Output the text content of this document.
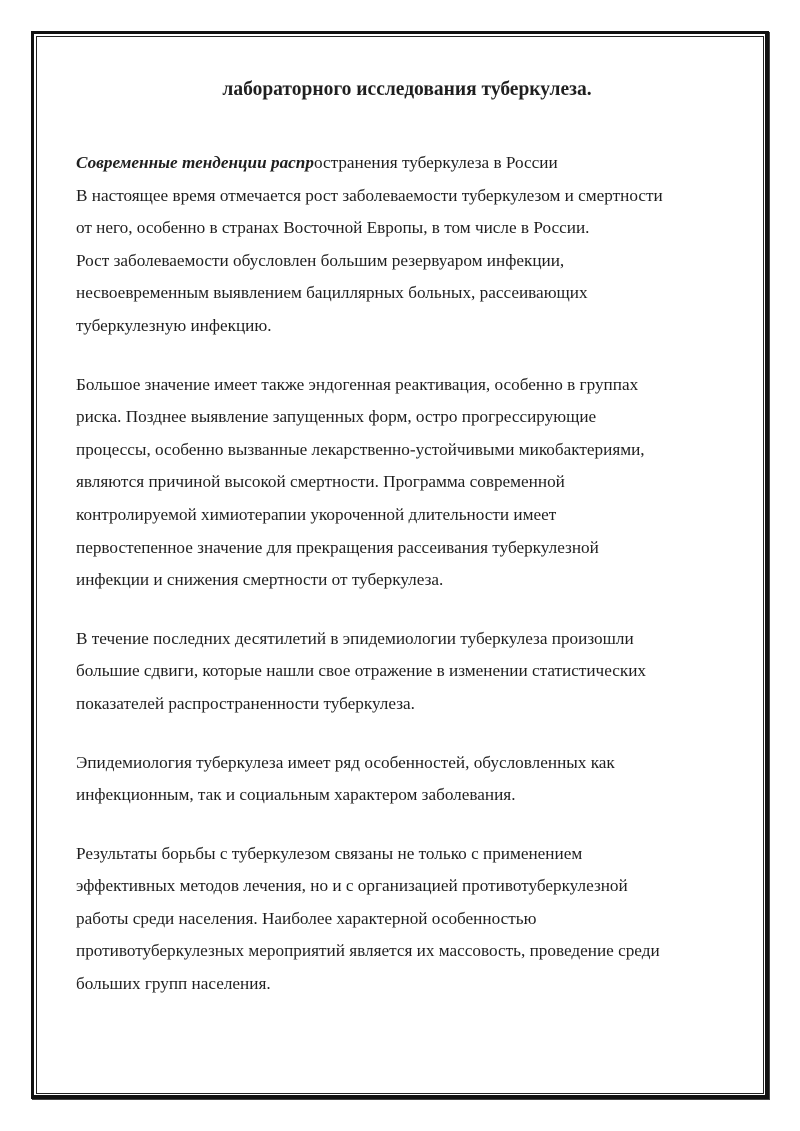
лабораторного исследования туберкулеза.

Современные тенденции распространения туберкулеза в России

В настоящее время отмечается рост заболеваемости туберкулезом и смертности
от него, особенно в странах Восточной Европы, в том числе в России.
Рост заболеваемости обусловлен большим резервуаром инфекции,
несвоевременным выявлением бациллярных больных, рассеивающих
туберкулезную инфекцию.

Большое значение имеет также эндогенная реактивация, особенно в группах
риска. Позднее выявление запущенных форм, остро прогрессирующие
процессы, особенно вызванные лекарственно-устойчивыми микобактериями,
являются причиной высокой смертности. Программа современной
контролируемой химиотерапии укороченной длительности имеет
первостепенное значение для прекращения рассеивания туберкулезной
инфекции и снижения смертности от туберкулеза.

В течение последних десятилетий в эпидемиологии туберкулеза произошли
большие сдвиги, которые нашли свое отражение в изменении статистических
показателей распространенности туберкулеза.

Эпидемиология туберкулеза имеет ряд особенностей, обусловленных как
инфекционным, так и социальным характером заболевания.

Результаты борьбы с туберкулезом связаны не только с применением
эффективных методов лечения, но и с организацией противотуберкулезной
работы среди населения. Наиболее характерной особенностью
противотуберкулезных мероприятий является их массовость, проведение среди
больших групп населения.
